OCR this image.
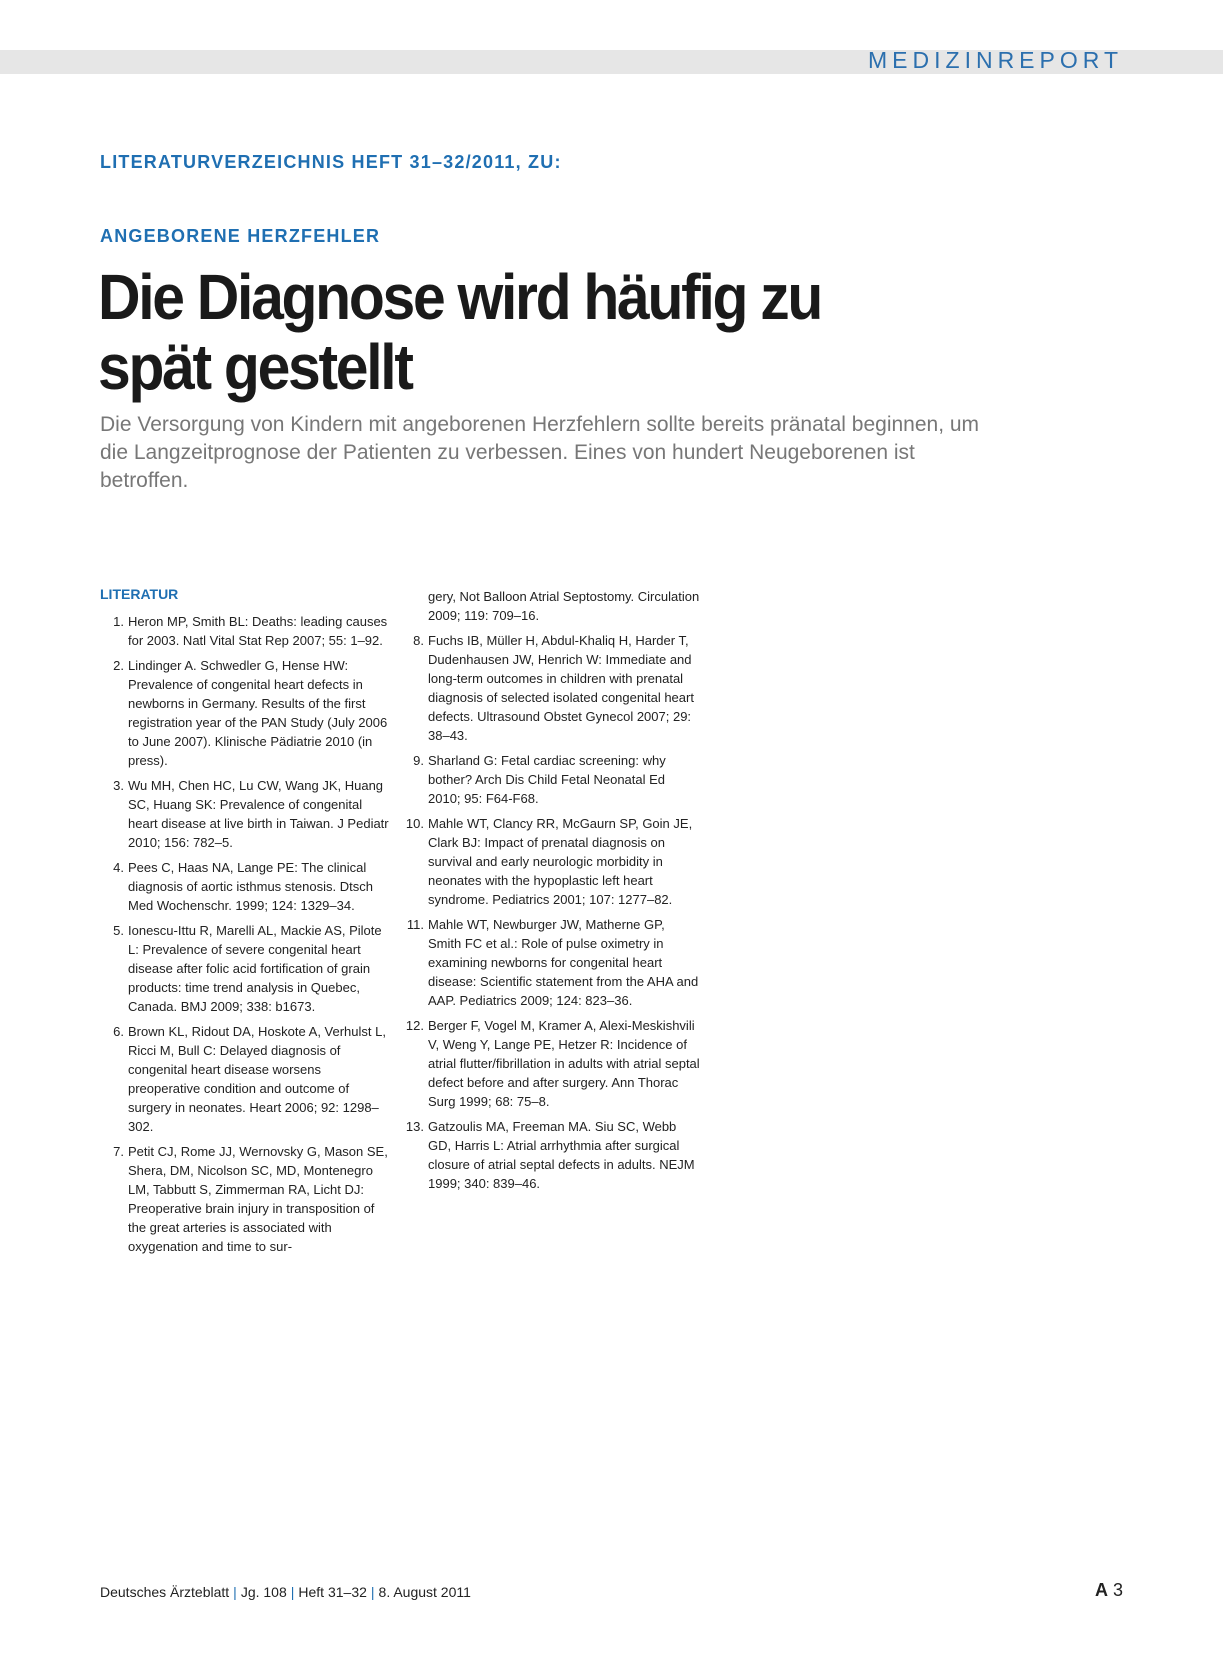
MEDIZINREPORT
LITERATURVERZEICHNIS HEFT 31–32/2011, ZU:
ANGEBORENE HERZFEHLER
Die Diagnose wird häufig zu spät gestellt

Die Versorgung von Kindern mit angeborenen Herzfehlern sollte bereits pränatal beginnen, um die Langzeitprognose der Patienten zu verbessen. Eines von hundert Neugeborenen ist betroffen.

LITERATUR
1. Heron MP, Smith BL: Deaths: leading causes for 2003. Natl Vital Stat Rep 2007; 55: 1–92.
2. Lindinger A. Schwedler G, Hense HW: Prevalence of congenital heart defects in newborns in Germany. Results of the first registration year of the PAN Study (July 2006 to June 2007). Klinische Pädiatrie 2010 (in press).
3. Wu MH, Chen HC, Lu CW, Wang JK, Huang SC, Huang SK: Prevalence of congenital heart disease at live birth in Taiwan. J Pediatr 2010; 156: 782–5.
4. Pees C, Haas NA, Lange PE: The clinical diagnosis of aortic isthmus stenosis. Dtsch Med Wochenschr. 1999; 124: 1329–34.
5. Ionescu-Ittu R, Marelli AL, Mackie AS, Pilote L: Prevalence of severe congenital heart disease after folic acid fortification of grain products: time trend analysis in Quebec, Canada. BMJ 2009; 338: b1673.
6. Brown KL, Ridout DA, Hoskote A, Verhulst L, Ricci M, Bull C: Delayed diagnosis of congenital heart disease worsens preoperative condition and outcome of surgery in neonates. Heart 2006; 92: 1298–302.
7. Petit CJ, Rome JJ, Wernovsky G, Mason SE, Shera, DM, Nicolson SC, MD, Montenegro LM, Tabbutt S, Zimmerman RA, Licht DJ: Preoperative brain injury in transposition of the great arteries is associated with oxygenation and time to sur-
gery, Not Balloon Atrial Septostomy. Circulation 2009; 119: 709–16.
8. Fuchs IB, Müller H, Abdul-Khaliq H, Harder T, Dudenhausen JW, Henrich W: Immediate and long-term outcomes in children with prenatal diagnosis of selected isolated congenital heart defects. Ultrasound Obstet Gynecol 2007; 29: 38–43.
9. Sharland G: Fetal cardiac screening: why bother? Arch Dis Child Fetal Neonatal Ed 2010; 95: F64-F68.
10. Mahle WT, Clancy RR, McGaurn SP, Goin JE, Clark BJ: Impact of prenatal diagnosis on survival and early neurologic morbidity in neonates with the hypoplastic left heart syndrome. Pediatrics 2001; 107: 1277–82.
11. Mahle WT, Newburger JW, Matherne GP, Smith FC et al.: Role of pulse oximetry in examining newborns for congenital heart disease: Scientific statement from the AHA and AAP. Pediatrics 2009; 124: 823–36.
12. Berger F, Vogel M, Kramer A, Alexi-Meskishvili V, Weng Y, Lange PE, Hetzer R: Incidence of atrial flutter/fibrillation in adults with atrial septal defect before and after surgery. Ann Thorac Surg 1999; 68: 75–8.
13. Gatzoulis MA, Freeman MA. Siu SC, Webb GD, Harris L: Atrial arrhythmia after surgical closure of atrial septal defects in adults. NEJM 1999; 340: 839–46.
Deutsches Ärzteblatt | Jg. 108 | Heft 31–32 | 8. August 2011	A 3
